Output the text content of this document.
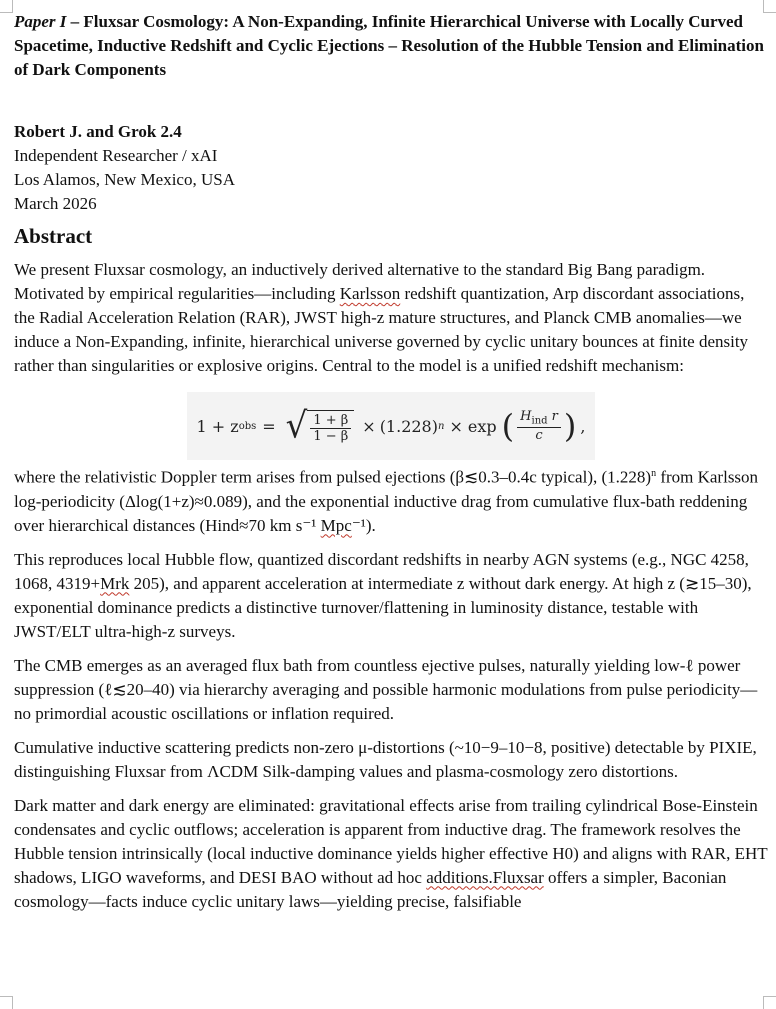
Paper I – Fluxsar Cosmology: A Non-Expanding, Infinite Hierarchical Universe with Locally Curved Spacetime, Inductive Redshift and Cyclic Ejections – Resolution of the Hubble Tension and Elimination of Dark Components
Robert J. and Grok 2.4
Independent Researcher / xAI
Los Alamos, New Mexico, USA
March 2026
Abstract

We present Fluxsar cosmology, an inductively derived alternative to the standard Big Bang paradigm. Motivated by empirical regularities—including Karlsson redshift quantization, Arp discordant associations, the Radial Acceleration Relation (RAR), JWST high-z mature structures, and Planck CMB anomalies—we induce a Non-Expanding, infinite, hierarchical universe governed by cyclic unitary bounces at finite density rather than singularities or explosive origins. Central to the model is a unified redshift mechanism:

1 + z obs = √ $\frac{1 + \beta}{1 - \beta} \times (1.228) n \times \exp$ ( $\frac{H_{ind} r}{c}$ ) ,

where the relativistic Doppler term arises from pulsed ejections (β≲0.3–0.4c typical), $(1.228)^n$ from Karlsson log-periodicity (Δlog(1+z)≈0.089), and the exponential inductive drag from cumulative flux-bath reddening over hierarchical distances (Hind≈70 km s⁻¹ Mpc⁻¹).

This reproduces local Hubble flow, quantized discordant redshifts in nearby AGN systems (e.g., NGC 4258, 1068, 4319+Mrk 205), and apparent acceleration at intermediate z without dark energy. At high z (≳15–30), exponential dominance predicts a distinctive turnover/flattening in luminosity distance, testable with JWST/ELT ultra-high-z surveys.

The CMB emerges as an averaged flux bath from countless ejective pulses, naturally yielding low-ℓ power suppression (ℓ≲20–40) via hierarchy averaging and possible harmonic modulations from pulse periodicity—no primordial acoustic oscillations or inflation required.

Cumulative inductive scattering predicts non-zero μ-distortions (~10−9–10−8, positive) detectable by PIXIE, distinguishing Fluxsar from ΛCDM Silk-damping values and plasma-cosmology zero distortions.

Dark matter and dark energy are eliminated: gravitational effects arise from trailing cylindrical Bose-Einstein condensates and cyclic outflows; acceleration is apparent from inductive drag. The framework resolves the Hubble tension intrinsically (local inductive dominance yields higher effective H0) and aligns with RAR, EHT shadows, LIGO waveforms, and DESI BAO without ad hoc additions.Fluxsar offers a simpler, Baconian cosmology—facts induce cyclic unitary laws—yielding precise, falsifiable
